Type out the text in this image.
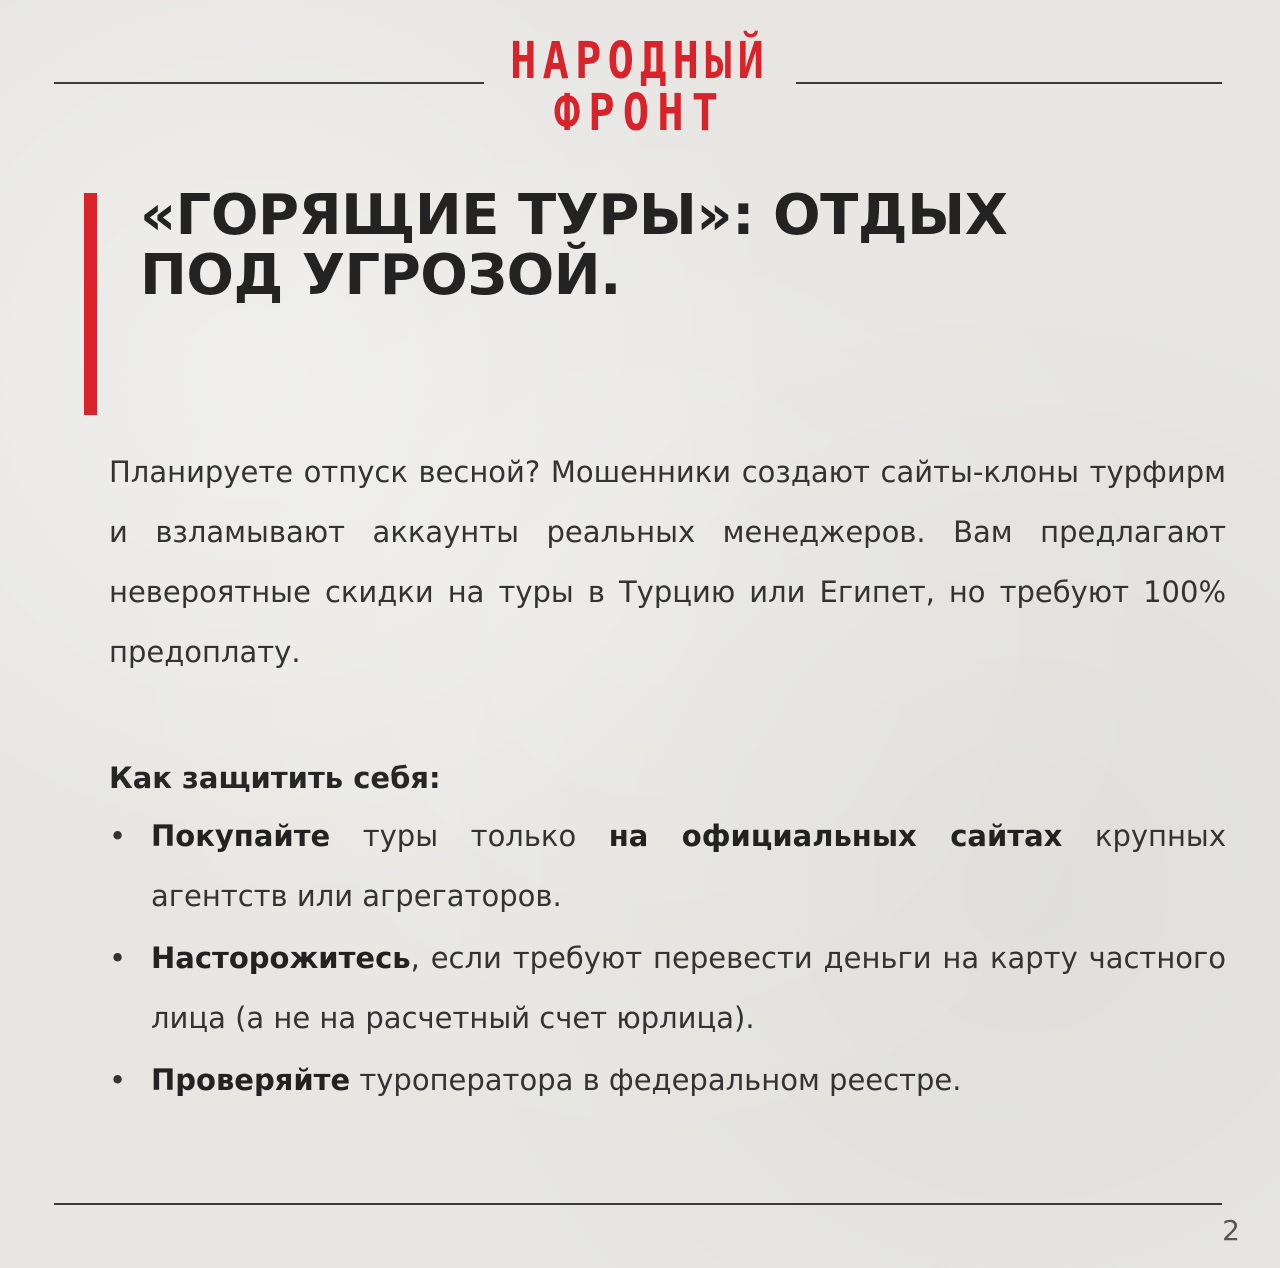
НАРОДНЫЙ
ФРОНТ
«ГОРЯЩИЕ ТУРЫ»: ОТДЫХ
ПОД УГРОЗОЙ.

Планируете отпуск весной? Мошенники создают сайты-клоны турфирм и взламывают аккаунты реальных менеджеров. Вам предлагают невероятные скидки на туры в Турцию или Египет, но требуют 100% предоплату.

Как защитить себя:

• Покупайте туры только на официальных сайтах крупных агентств или агрегаторов.
• Насторожитесь, если требуют перевести деньги на карту частного лица (а не на расчетный счет юрлица).
• Проверяйте туроператора в федеральном реестре.
2
